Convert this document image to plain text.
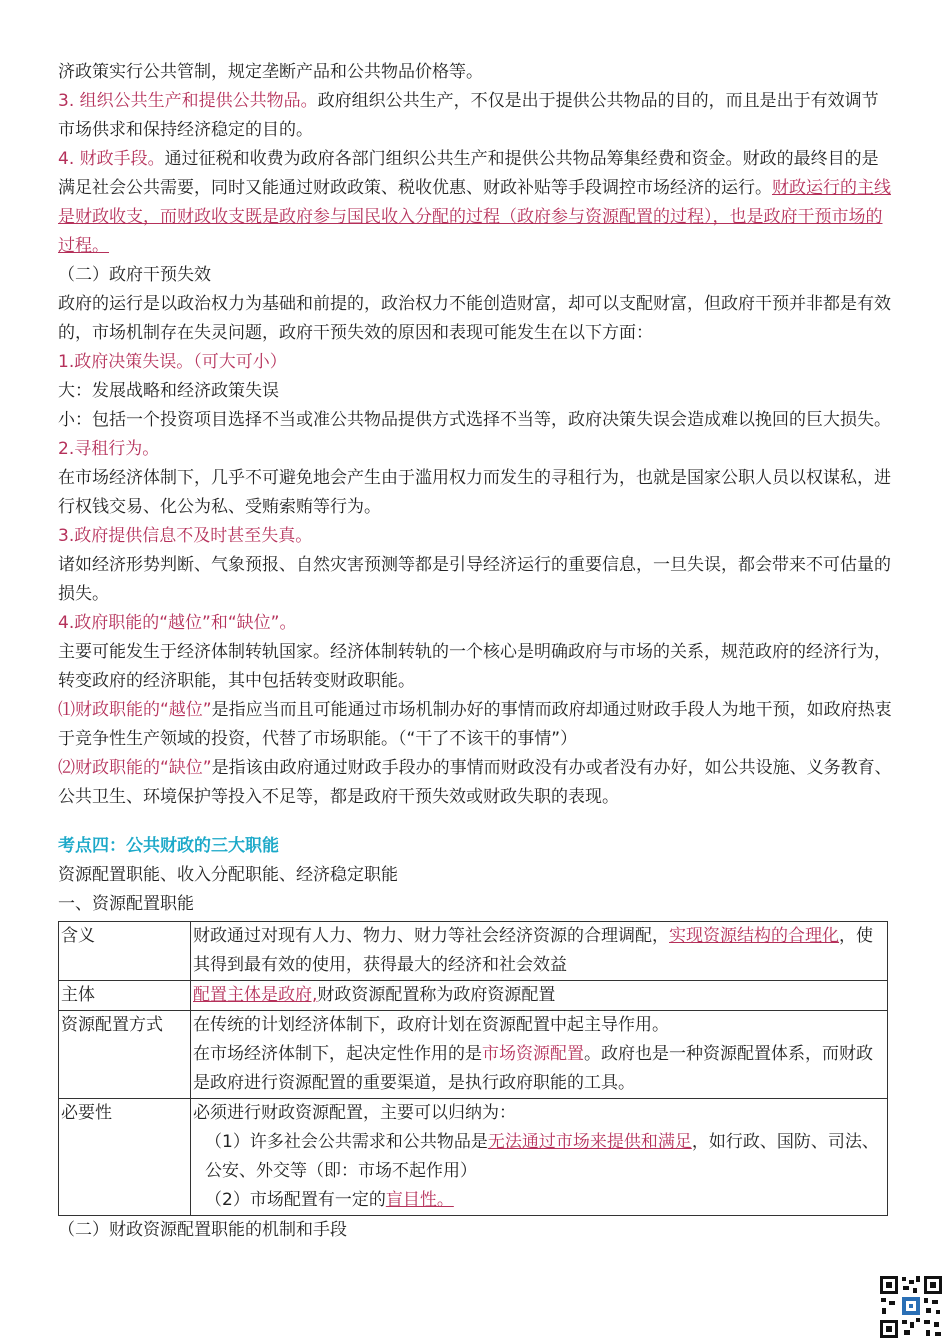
济政策实行公共管制，规定垄断产品和公共物品价格等。

3. 组织公共生产和提供公共物品。政府组织公共生产，不仅是出于提供公共物品的目的，而且是出于有效调节市场供求和保持经济稳定的目的。

4. 财政手段。通过征税和收费为政府各部门组织公共生产和提供公共物品筹集经费和资金。财政的最终目的是满足社会公共需要，同时又能通过财政政策、税收优惠、财政补贴等手段调控市场经济的运行。财政运行的主线是财政收支，而财政收支既是政府参与国民收入分配的过程（政府参与资源配置的过程），也是政府干预市场的过程。

（二）政府干预失效

政府的运行是以政治权力为基础和前提的，政治权力不能创造财富，却可以支配财富，但政府干预并非都是有效的，市场机制存在失灵问题，政府干预失效的原因和表现可能发生在以下方面：

1.政府决策失误。（可大可小）

大：发展战略和经济政策失误

小：包括一个投资项目选择不当或准公共物品提供方式选择不当等，政府决策失误会造成难以挽回的巨大损失。

2.寻租行为。

在市场经济体制下，几乎不可避免地会产生由于滥用权力而发生的寻租行为，也就是国家公职人员以权谋私，进行权钱交易、化公为私、受贿索贿等行为。

3.政府提供信息不及时甚至失真。

诸如经济形势判断、气象预报、自然灾害预测等都是引导经济运行的重要信息，一旦失误，都会带来不可估量的损失。

4.政府职能的“越位”和“缺位”。

主要可能发生于经济体制转轨国家。经济体制转轨的一个核心是明确政府与市场的关系，规范政府的经济行为，转变政府的经济职能，其中包括转变财政职能。

⑴财政职能的“越位”是指应当而且可能通过市场机制办好的事情而政府却通过财政手段人为地干预，如政府热衷于竞争性生产领域的投资，代替了市场职能。（“干了不该干的事情”）

⑵财政职能的“缺位”是指该由政府通过财政手段办的事情而财政没有办或者没有办好，如公共设施、义务教育、公共卫生、环境保护等投入不足等，都是政府干预失效或财政失职的表现。

考点四：公共财政的三大职能

资源配置职能、收入分配职能、经济稳定职能

一、资源配置职能

含义	财政通过对现有人力、物力、财力等社会经济资源的合理调配，实现资源结构的合理化，使其得到最有效的使用，获得最大的经济和社会效益
主体	配置主体是政府,财政资源配置称为政府资源配置
资源配置方式	在传统的计划经济体制下，政府计划在资源配置中起主导作用。
在市场经济体制下，起决定性作用的是市场资源配置。政府也是一种资源配置体系，而财政是政府进行资源配置的重要渠道，是执行政府职能的工具。

必要性	必须进行财政资源配置，主要可以归纳为：
（1）许多社会公共需求和公共物品是无法通过市场来提供和满足，如行政、国防、司法、公安、外交等（即：市场不起作用）
（2）市场配置有一定的盲目性。

（二）财政资源配置职能的机制和手段
